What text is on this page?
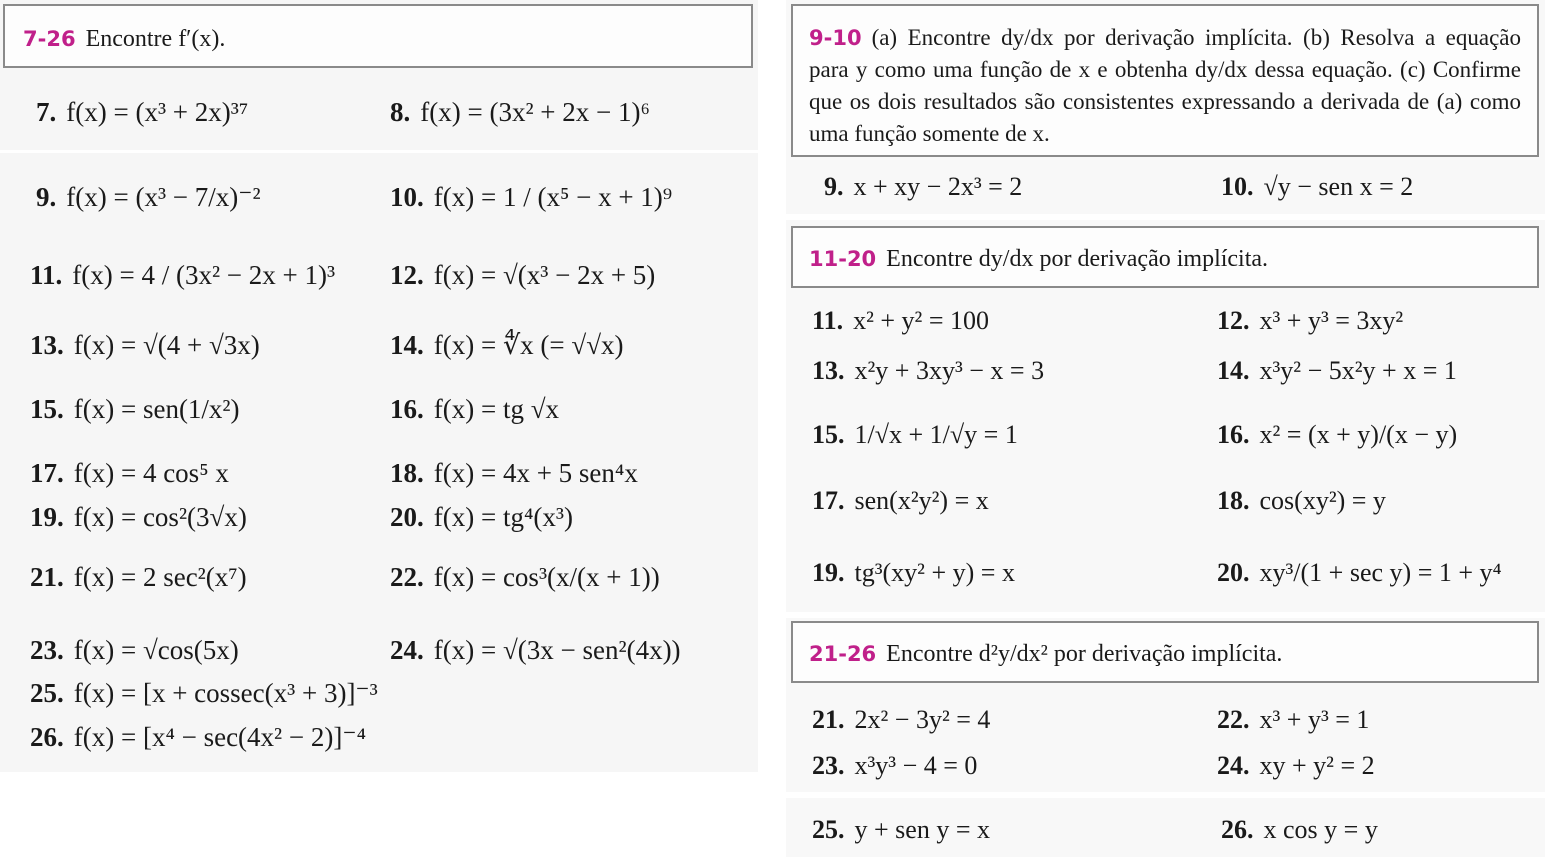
7-26 Encontre f′(x).
7. f(x) = (x³ + 2x)³⁷	8. f(x) = (3x² + 2x − 1)⁶
9. f(x) = (x³ − 7/x)⁻²	10. f(x) = 1 / (x⁵ − x + 1)⁹
11. f(x) = 4 / (3x² − 2x + 1)³ 12. f(x) = √(x³ − 2x + 5)
13. f(x) = √(4 + √3x)	14. f(x) = ∜x (= √√x)
15. f(x) = sen(1/x²)	16. f(x) = tg √x
17. f(x) = 4 cos⁵ x	18. f(x) = 4x + 5 sen⁴x
19. f(x) = cos²(3√x)	20. f(x) = tg⁴(x³)
21. f(x) = 2 sec²(x⁷)	22. f(x) = cos³(x/(x + 1))
23. f(x) = √cos(5x)	24. f(x) = √(3x − sen²(4x))
25. f(x) = [x + cossec(x³ + 3)]⁻³
26. f(x) = [x⁴ − sec(4x² − 2)]⁻⁴
9-10 (a) Encontre dy/dx por derivação implícita. (b) Resolva a equação para y como uma função de x e obtenha dy/dx dessa equação. (c) Confirme que os dois resultados são consistentes expressando a derivada de (a) como uma função somente de x.
9. x + xy − 2x³ = 2	10. √y − sen x = 2
11-20 Encontre dy/dx por derivação implícita.
11. x² + y² = 100	12. x³ + y³ = 3xy²
13. x²y + 3xy³ − x = 3	14. x³y² − 5x²y + x = 1
15. 1/√x + 1/√y = 1	16. x² = (x + y)/(x − y)
17. sen(x²y²) = x	18. cos(xy²) = y
19. tg³(xy² + y) = x	20. xy³/(1 + sec y) = 1 + y⁴
21-26 Encontre d²y/dx² por derivação implícita.
21. 2x² − 3y² = 4	22. x³ + y³ = 1
23. x³y³ − 4 = 0	24. xy + y² = 2
25. y + sen y = x	26. x cos y = y
